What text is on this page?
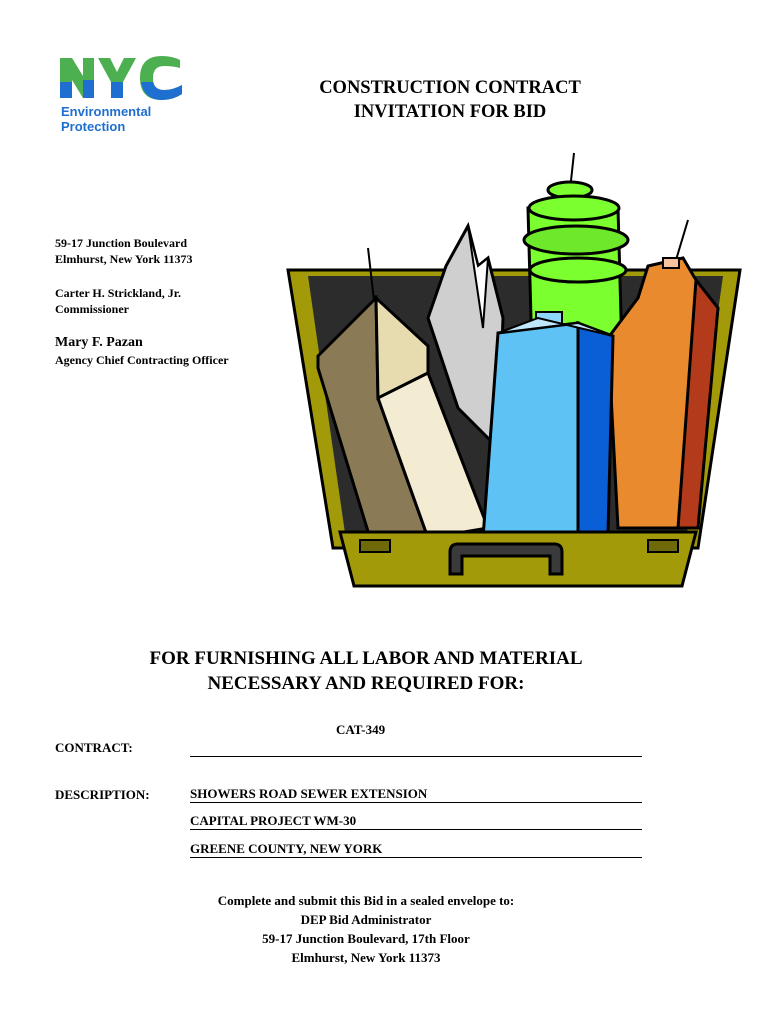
Environmental
Protection
CONSTRUCTION CONTRACT
INVITATION FOR BID
59-17 Junction Boulevard
Elmhurst, New York 11373
Carter H. Strickland, Jr.
Commissioner
Mary F. Pazan
Agency Chief Contracting Officer
FOR FURNISHING ALL LABOR AND MATERIAL
NECESSARY AND REQUIRED FOR:
CAT-349
CONTRACT:
DESCRIPTION:	SHOWERS ROAD SEWER EXTENSION
CAPITAL PROJECT WM-30
GREENE COUNTY, NEW YORK
Complete and submit this Bid in a sealed envelope to:
DEP Bid Administrator
59-17 Junction Boulevard, 17th Floor
Elmhurst, New York 11373
